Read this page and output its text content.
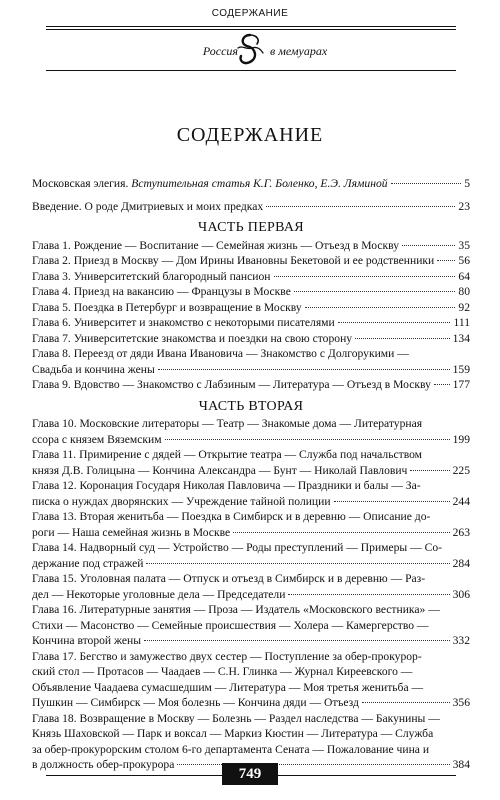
СОДЕРЖАНИЕ
Россия	в мемуарах
СОДЕРЖАНИЕ
Московская элегия. Вступительная статья К.Г. Боленко, Е.Э. Ляминой	5
Введение. О роде Дмитриевых и моих предках	23
ЧАСТЬ ПЕРВАЯ
Глава 1. Рождение — Воспитание — Семейная жизнь — Отъезд в Москву	35
Глава 2. Приезд в Москву — Дом Ирины Ивановны Бекетовой и ее родственники 56
Глава 3. Университетский благородный пансион	64
Глава 4. Приезд на вакансию — Французы в Москве	80
Глава 5. Поездка в Петербург и возвращение в Москву	92
Глава 6. Университет и знакомство с некоторыми писателями	111
Глава 7. Университетские знакомства и поездки на свою сторону	134
Глава 8. Переезд от дяди Ивана Ивановича — Знакомство с Долгорукими —
Свадьба и кончина жены	159
Глава 9. Вдовство — Знакомство с Лабзиным — Литература — Отъезд в Москву 177
ЧАСТЬ ВТОРАЯ
Глава 10. Московские литераторы — Театр — Знакомые дома — Литературная
ссора с князем Вяземским	199
Глава 11. Примирение с дядей — Открытие театра — Служба под начальством
князя Д.В. Голицына — Кончина Александра — Бунт — Николай Павлович	225
Глава 12. Коронация Государя Николая Павловича — Праздники и балы — За-
писка о нуждах дворянских — Учреждение тайной полиции	244
Глава 13. Вторая женитьба — Поездка в Симбирск и в деревню — Описание до-
роги — Наша семейная жизнь в Москве	263
Глава 14. Надворный суд — Устройство — Роды преступлений — Примеры — Со-
держание под стражей	284
Глава 15. Уголовная палата — Отпуск и отъезд в Симбирск и в деревню — Раз-
дел — Некоторые уголовные дела — Председатели	306
Глава 16. Литературные занятия — Проза — Издатель «Московского вестника» —
Стихи — Масонство — Семейные происшествия — Холера — Камергерство —
Кончина второй жены	332
Глава 17. Бегство и замужество двух сестер — Поступление за обер-прокурор-
ский стол — Протасов — Чаадаев — С.Н. Глинка — Журнал Киреевского —
Объявление Чаадаева сумасшедшим — Литература — Моя третья женитьба —
Пушкин — Симбирск — Моя болезнь — Кончина дяди — Отъезд	356
Глава 18. Возвращение в Москву — Болезнь — Раздел наследства — Бакунины —
Князь Шаховской — Парк и воксал — Маркиз Кюстин — Литература — Служба
за обер-прокурорским столом 6-го департамента Сената — Пожалование чина и
в должность обер-прокурора	384
749
